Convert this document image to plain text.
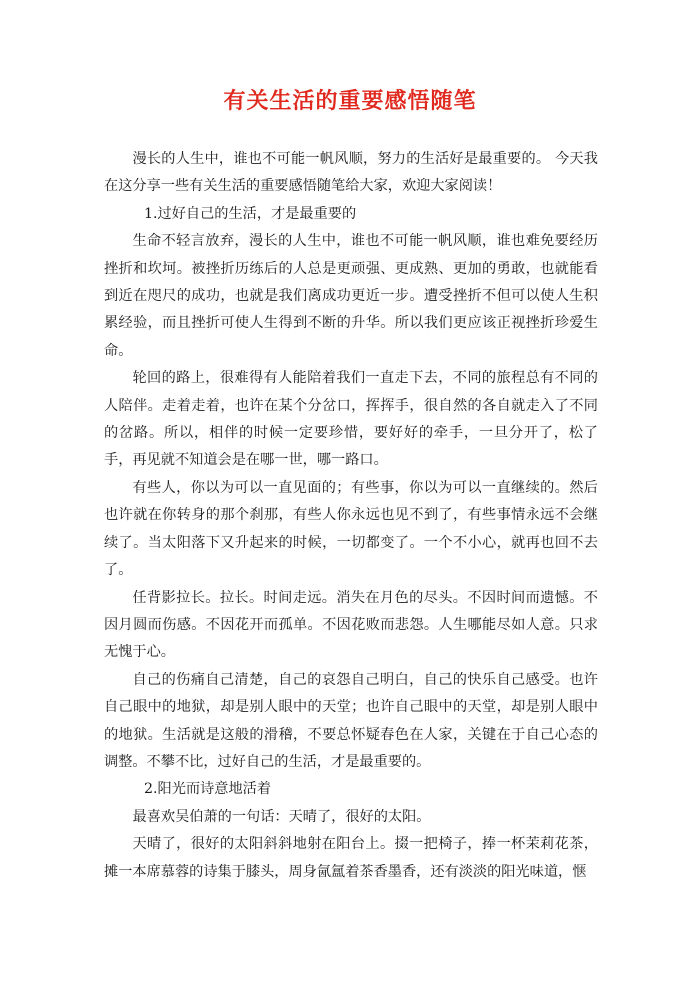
有关生活的重要感悟随笔

漫长的人生中，谁也不可能一帆风顺，努力的生活好是最重要的。 今天我在这分享一些有关生活的重要感悟随笔给大家，欢迎大家阅读！

1.过好自己的生活，才是最重要的

生命不轻言放弃，漫长的人生中，谁也不可能一帆风顺，谁也难免要经历挫折和坎坷。被挫折历练后的人总是更顽强、更成熟、更加的勇敢，也就能看到近在咫尺的成功，也就是我们离成功更近一步。遭受挫折不但可以使人生积累经验，而且挫折可使人生得到不断的升华。所以我们更应该正视挫折珍爱生命。

轮回的路上，很难得有人能陪着我们一直走下去，不同的旅程总有不同的人陪伴。走着走着，也许在某个分岔口，挥挥手，很自然的各自就走入了不同的岔路。所以，相伴的时候一定要珍惜，要好好的牵手，一旦分开了，松了手，再见就不知道会是在哪一世，哪一路口。

有些人，你以为可以一直见面的；有些事，你以为可以一直继续的。然后也许就在你转身的那个刹那，有些人你永远也见不到了，有些事情永远不会继续了。当太阳落下又升起来的时候，一切都变了。一个不小心，就再也回不去了。

任背影拉长。拉长。时间走远。消失在月色的尽头。不因时间而遗憾。不因月圆而伤感。不因花开而孤单。不因花败而悲怨。人生哪能尽如人意。只求无愧于心。

自己的伤痛自己清楚，自己的哀怨自己明白，自己的快乐自己感受。也许自己眼中的地狱，却是别人眼中的天堂；也许自己眼中的天堂，却是别人眼中的地狱。生活就是这般的滑稽，不要总怀疑春色在人家，关键在于自己心态的调整。不攀不比，过好自己的生活，才是最重要的。

2.阳光而诗意地活着

最喜欢吴伯萧的一句话：天晴了，很好的太阳。

天晴了，很好的太阳斜斜地射在阳台上。掇一把椅子，捧一杯茉莉花茶，摊一本席慕蓉的诗集于膝头，周身氤氲着茶香墨香，还有淡淡的阳光味道，惬
